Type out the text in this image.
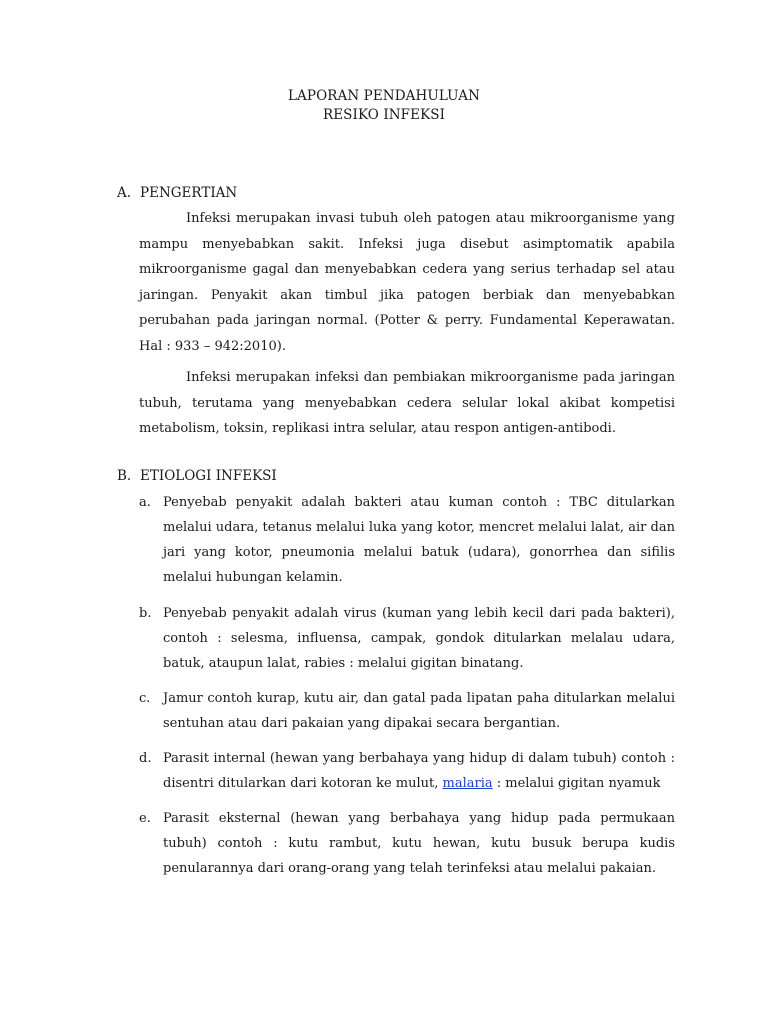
LAPORAN PENDAHULUAN
RESIKO INFEKSI
A. PENGERTIAN

Infeksi merupakan invasi tubuh oleh patogen atau mikroorganisme yang mampu menyebabkan sakit. Infeksi juga disebut asimptomatik apabila mikroorganisme gagal dan menyebabkan cedera yang serius terhadap sel atau jaringan. Penyakit akan timbul jika patogen berbiak dan menyebabkan perubahan pada jaringan normal. (Potter & perry. Fundamental Keperawatan. Hal : 933 – 942:2010).

Infeksi merupakan infeksi dan pembiakan mikroorganisme pada jaringan tubuh, terutama yang menyebabkan cedera selular lokal akibat kompetisi metabolism, toksin, replikasi intra selular, atau respon antigen-antibodi.

B. ETIOLOGI INFEKSI
a. Penyebab penyakit adalah bakteri atau kuman contoh : TBC ditularkan melalui udara, tetanus melalui luka yang kotor, mencret melalui lalat, air dan jari yang kotor, pneumonia melalui batuk (udara), gonorrhea dan sifilis melalui hubungan kelamin.
b. Penyebab penyakit adalah virus (kuman yang lebih kecil dari pada bakteri), contoh : selesma, influensa, campak, gondok ditularkan melalau udara, batuk, ataupun lalat, rabies : melalui gigitan binatang.
c. Jamur contoh kurap, kutu air, dan gatal pada lipatan paha ditularkan melalui sentuhan atau dari pakaian yang dipakai secara bergantian.
d. Parasit internal (hewan yang berbahaya yang hidup di dalam tubuh) contoh : disentri ditularkan dari kotoran ke mulut, malaria : melalui gigitan nyamuk
e. Parasit eksternal (hewan yang berbahaya yang hidup pada permukaan tubuh) contoh : kutu rambut, kutu hewan, kutu busuk berupa kudis penularannya dari orang-orang yang telah terinfeksi atau melalui pakaian.
